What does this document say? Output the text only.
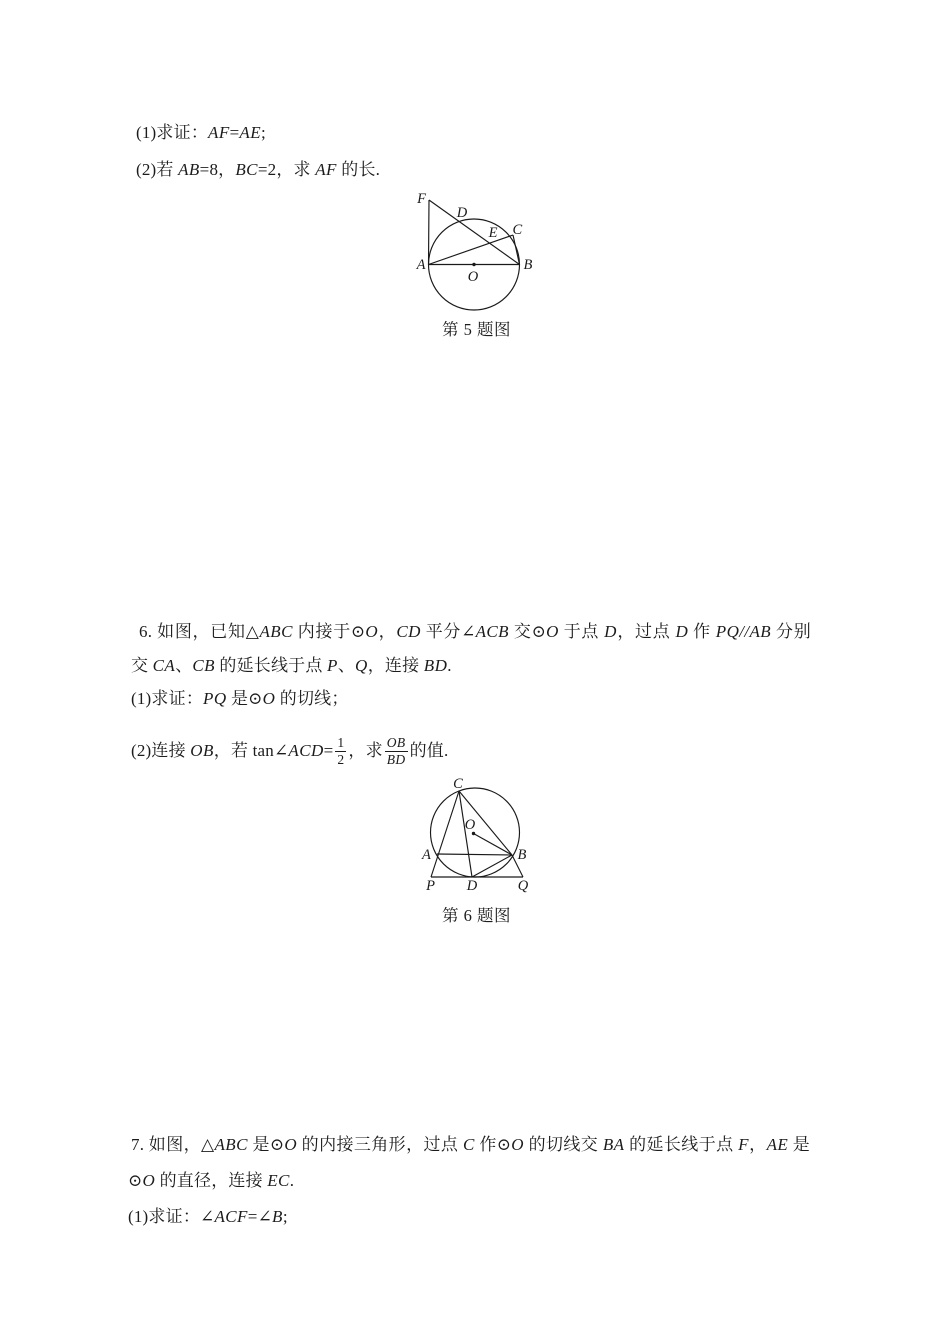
(1)求证：AF=AE;
(2)若 AB=8，BC=2，求 AF 的长.
F
D
E C
A	B
O
第 5 题图
6. 如图，已知△ABC 内接于⊙O，CD 平分∠ACB 交⊙O 于点 D，过点 D 作 PQ//AB 分别
交 CA、CB 的延长线于点 P、Q，连接 BD.
(1)求证：PQ 是⊙O 的切线；
(2)连接 OB，若 tan∠ACD= $\frac{1}{2}$ ，求 $\frac{OB}{BD}$ 的值.
C
O
A	B
P D	Q
第 6 题图
7. 如图，△ABC 是⊙O 的内接三角形，过点 C 作⊙O 的切线交 BA 的延长线于点 F，AE 是
⊙O 的直径，连接 EC.
(1)求证：∠ACF=∠B;
